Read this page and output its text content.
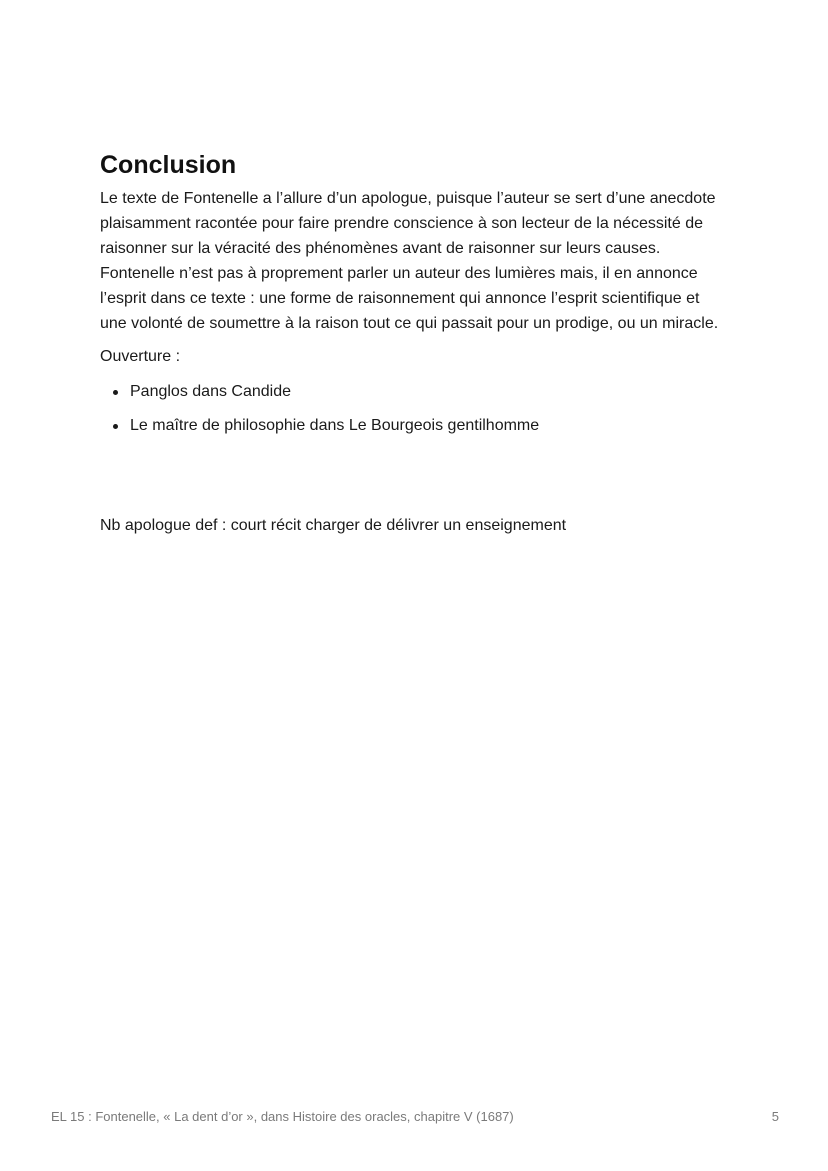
Conclusion

Le texte de Fontenelle a l’allure d’un apologue, puisque l’auteur se sert d’une anecdote plaisamment racontée pour faire prendre conscience à son lecteur de la nécessité de raisonner sur la véracité des phénomènes avant de raisonner sur leurs causes. Fontenelle n’est pas à proprement parler un auteur des lumières mais, il en annonce l’esprit dans ce texte : une forme de raisonnement qui annonce l’esprit scientifique et une volonté de soumettre à la raison tout ce qui passait pour un prodige, ou un miracle.

Ouverture :

Panglos dans Candide
Le maître de philosophie dans Le Bourgeois gentilhomme

Nb apologue def : court récit charger de délivrer un enseignement

EL 15 : Fontenelle, « La dent d’or », dans Histoire des oracles, chapitre V (1687)	5
